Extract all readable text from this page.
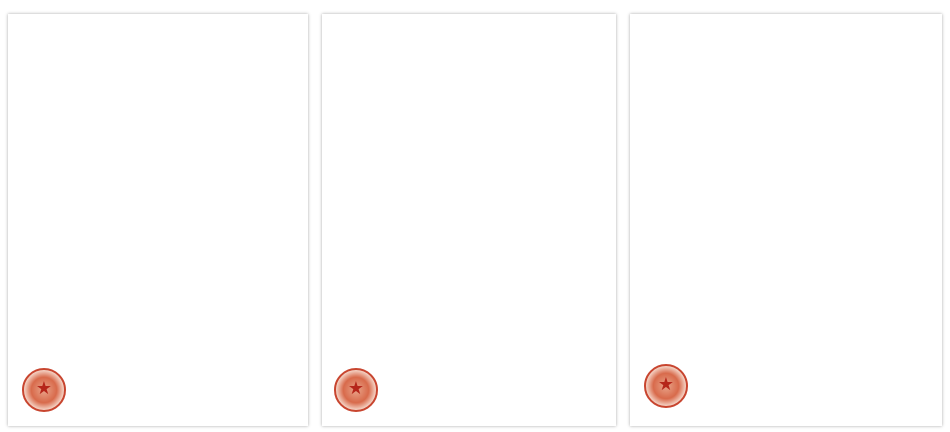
★	★	★
